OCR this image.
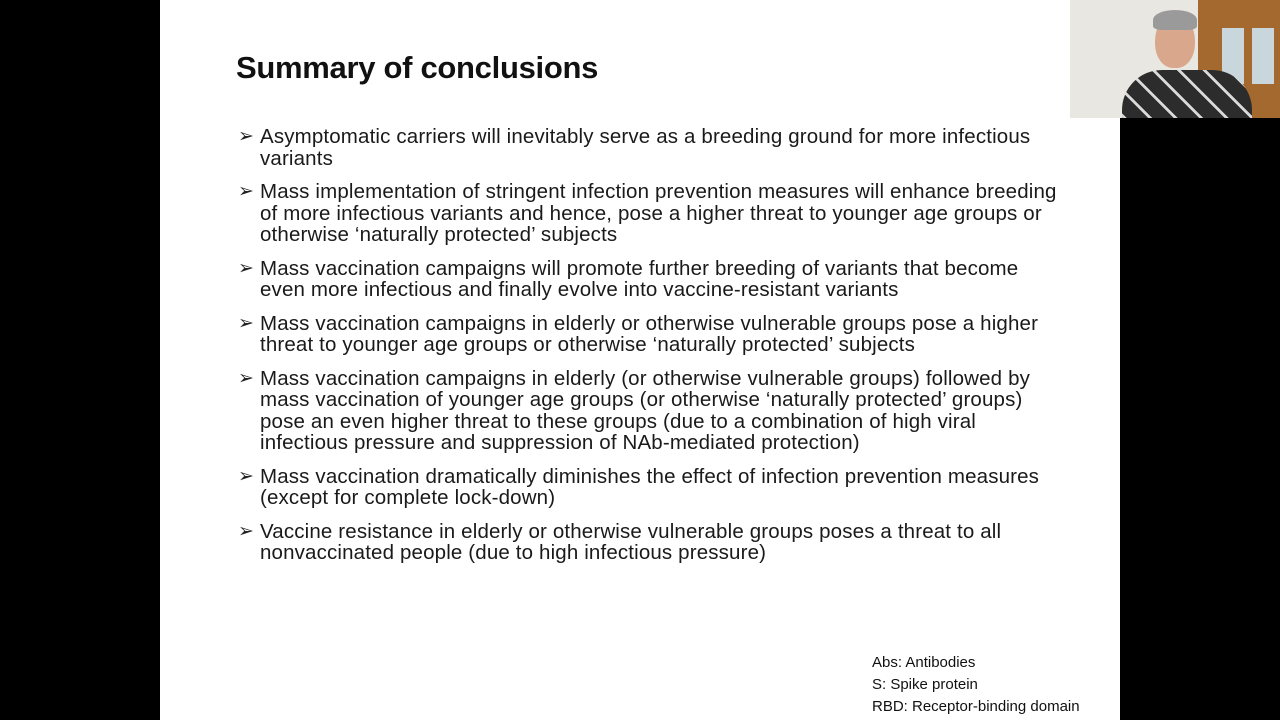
Summary of conclusions
➢ Asymptomatic carriers will inevitably serve as a breeding ground for more infectious variants
➢ Mass implementation of stringent infection prevention measures will enhance breeding of more infectious variants and hence, pose a higher threat to younger age groups or otherwise ‘naturally protected’ subjects
➢ Mass vaccination campaigns will promote further breeding of variants that become even more infectious and finally evolve into vaccine-resistant variants
➢ Mass vaccination campaigns in elderly or otherwise vulnerable groups pose a higher threat to younger age groups or otherwise ‘naturally protected’ subjects
➢ Mass vaccination campaigns in elderly (or otherwise vulnerable groups) followed by mass vaccination of younger age groups (or otherwise ‘naturally protected’ groups) pose an even higher threat to these groups (due to a combination of high viral infectious pressure and suppression of NAb-mediated protection)
➢ Mass vaccination dramatically diminishes the effect of infection prevention measures (except for complete lock-down)
➢ Vaccine resistance in elderly or otherwise vulnerable groups poses a threat to all nonvaccinated people (due to high infectious pressure)
Abs: Antibodies
S: Spike protein
RBD: Receptor-binding domain
